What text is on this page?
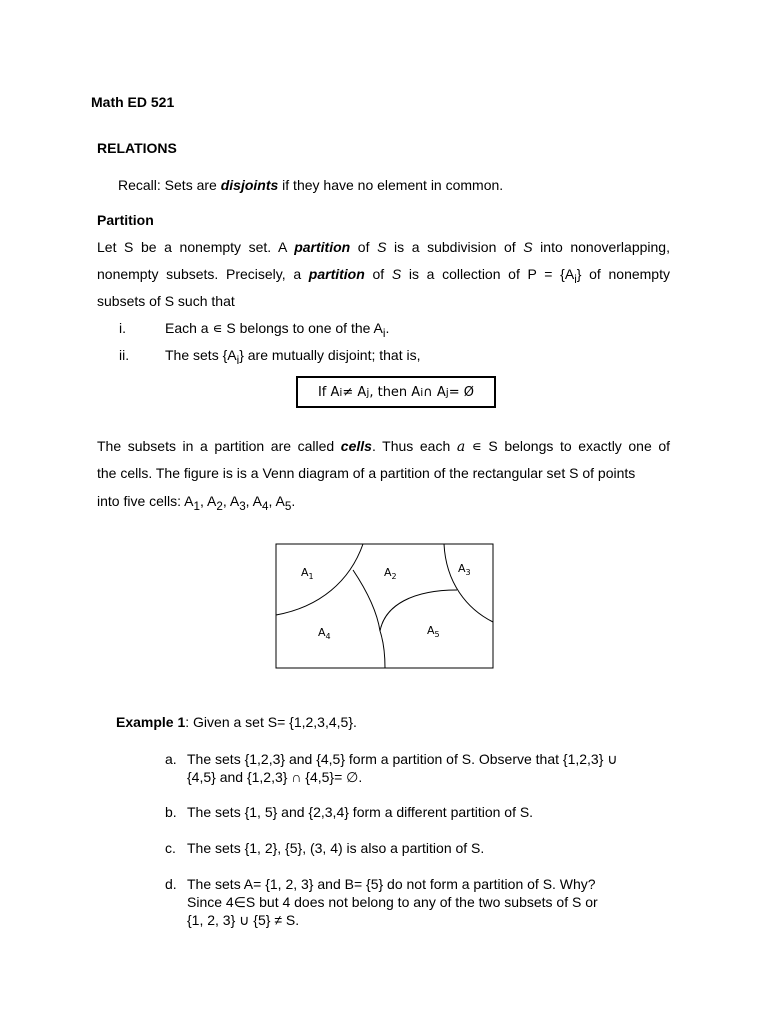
Math ED 521
RELATIONS
Recall: Sets are disjoints if they have no element in common.
Partition
Let S be a nonempty set. A partition of S is a subdivision of S into nonoverlapping,
nonempty subsets. Precisely, a partition of S is a collection of $P = \{A_i\}$ of nonempty
subsets of S such that
i.	Each a ∊ S belongs to one of the $A_i$.
ii.	The sets $\{A_i\}$ are mutually disjoint; that is,
If A i ≠ A j , then A i ∩ A j = Ø
The subsets in a partition are called cells. Thus each a ∊ S belongs to exactly one of
the cells. The figure is is a Venn diagram of a partition of the rectangular set S of points
into five cells: $A_1$, $A_2$, $A_3$, $A_4$, $A_5$.
$A_1$	$A_2$
$A_3$
$A_4$	$A_5$
Example 1: Given a set S= {1,2,3,4,5}.
a. The sets {1,2,3} and {4,5} form a partition of S. Observe that {1,2,3} ∪
{4,5} and {1,2,3} ∩ {4,5}= ∅.
b. The sets {1, 5} and {2,3,4} form a different partition of S.
c. The sets {1, 2}, {5}, (3, 4) is also a partition of S.
d. The sets A= {1, 2, 3} and B= {5} do not form a partition of S. Why?
Since 4∈S but 4 does not belong to any of the two subsets of S or
{1, 2, 3} ∪ {5} ≠ S.
